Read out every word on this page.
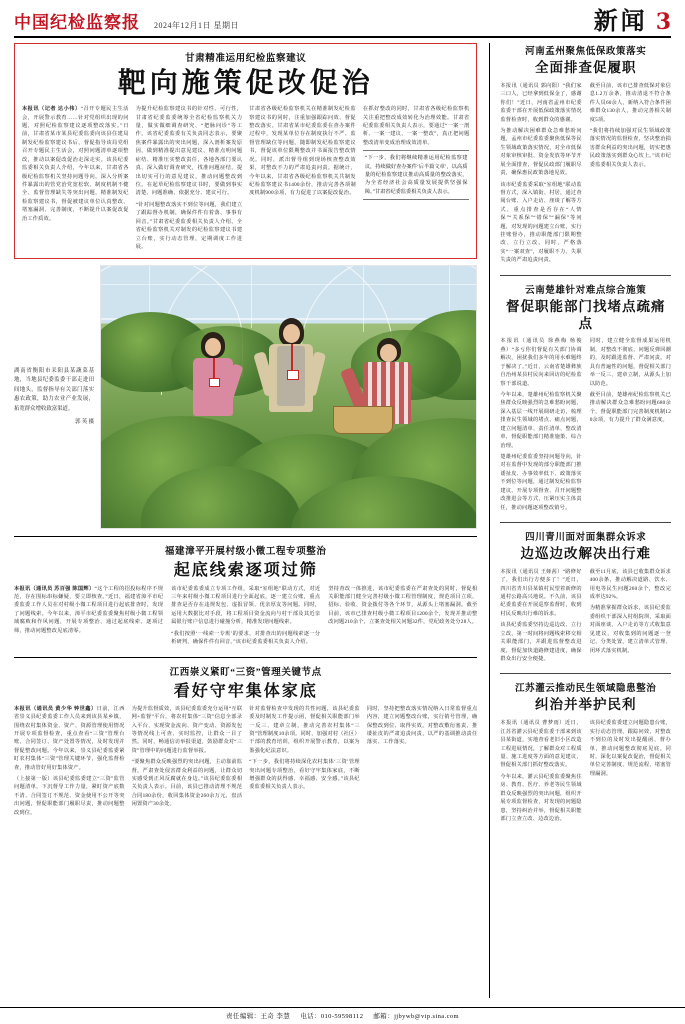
中国纪检监察报 2024年12月1日 星期日	新闻 3
甘肃精准运用纪检监察建议
靶向施策促改促治

本报讯（记者 达小伟）“召开专题民主生活会，开展警示教育……针对党组织出现的问题，对照纪检监察建议逐项整改落实。”日前，甘肃省某市某县纪委监委向该县住建局制发纪检监察建议书后，督促指导该局党组召开专题民主生活会，对照问题清单逐项整改，推动以案促改促治走深走实。该县纪委监委相关负责人介绍，今年以来，甘肃省各级纪检监察机关坚持问题导向，深入分析案件暴露出的管党治党宽松软、制度机制不健全、监督管理缺失等突出问题，精准制发纪检监察建议书，督促被建议单位认真整改、堵塞漏洞、完善制度，不断提升以案促改促治工作质效。

为提升纪检监察建议书的针对性、可行性，甘肃省纪委监委统筹全省纪检监察机关力量，做实做细调查研究、“把脉问诊”等工作。该省纪委监委有关负责同志表示，要聚焦案件暴露出的突出问题，深入剖析案发原因，做到精准提出意见建议、精准点明问题症结、精准压实整改责任，各地各部门要认真、深入做好调查研究，找准问题症结，提出切实可行的意见建议，推动问题整改到位。在起草纪检监察建议书时，要做到事实清楚、问题准确、依据充分、建议可行。

“针对问题整改落实不到位等问题，我们建立了跟踪督办机制，确保件件有着落、事事有回音。”甘肃省纪委监委相关负责人介绍，全省纪检监察机关对制发的纪检监察建议书建立台账，实行动态管理，定期调度工作进展。

甘肃省各级纪检监察机关在精准制发纪检监察建议书的同时，注重加强跟踪问效、督促整改落实。甘肃省某市纪委监委在查办案件过程中，发现某单位存在制度执行不严、监督管理缺位等问题，随即制发纪检监察建议书，督促该单位限期整改并书面报告整改情况。同时，派出督导组到现场核查整改效果，对整改不力的严肃追责问责。据统计，今年以来，甘肃省各级纪检监察机关共制发纪检监察建议书1400余份，推动完善各项制度机制900余项，有力促进了以案促改促治。

在抓好整改的同时，甘肃省各级纪检监察机关注重把整改成效转化为治理效能。甘肃省纪委监委相关负责人表示，要通过“一案一剖析、一案一建议、一案一整改”，真正把问题整改清单变成治理成效清单。

“下一步，我们将继续精准运用纪检监察建议，持续做好查办案件‘后半篇文章’，以高质量的纪检监察建议推动高质量的整改落实，为全省经济社会高质量发展提供坚强保障。”甘肃省纪委监委相关负责人表示。
湖南省衡阳市耒阳县某蔬菜基地，当地县纪委监委干部走进田间地头，监督指导有关部门落实惠农政策，助力农业产业发展，拓宽群众增收致富渠道。
郭 英 摄
福建漳平开展村级小微工程专项整治
起底线索逐项过筛

本报讯（通讯员 苏百强 陈国辉）“这个工程的招投标程序不规范，存在围标串标嫌疑，要立即核查。”近日，福建省漳平市纪委监委工作人员在对村级小微工程项目进行起底排查时，发现了问题线索。今年以来，漳平市纪委监委聚焦村级小微工程领域腐败和作风问题，开展专项整治，通过起底线索、逐项过筛，推动问题整改见底清零。

该市纪委监委成立专项工作组，采取“室组地”联动方式，对近三年来村级小微工程项目进行全面起底，逐一建立台账，重点排查是否存在违规发包、虚报冒领、优亲厚友等问题。同时，运用大数据比对手段，将工程项目资金流向与村干部及其近亲属银行账户信息进行碰撞分析，精准发现问题线索。

“我们按照‘一线索一专班’的要求，对排查出的问题线索逐一分析研判，确保件件有回音。”该市纪委监委相关负责人介绍。

坚持查改一体推进，该市纪委监委在严肃查处的同时，督促相关职能部门健全完善村级小微工程管理制度，规范项目立项、招标、验收、资金拨付等各个环节，从源头上堵塞漏洞。截至目前，该市已排查村级小微工程项目1200余个，发现并推动整改问题210余个，立案查处相关问题32件，党纪政务处分28人。

江西崇义紧盯“三资”管理关键节点
看好守牢集体家底

本报讯（通讯员 黄少华 钟世鑫）日前，江西省崇义县纪委监委工作人员来到该县某乡镇，围绕农村集体资金、资产、资源管理使用情况开展专项监督检查，重点查看“三资”管理台账、合同签订、资产处置等情况，及时发现并督促整改问题。今年以来，崇义县纪委监委紧盯农村集体“三资”管理关键环节，强化监督检查，推动管好用好集体资产。

（上接第一版）该县纪委监委建立“三资”监管问题清单，下沉督导工作力量，紧盯资产底数不清、合同签订不规范、资金使用不公开等突出问题，督促职能部门履职尽责，推动问题整改到位。

为提升监督质效，该县纪委监委充分运用“互联网+监督”平台，将农村集体“三资”信息全部录入平台，实现资金流向、资产变动、资源发包等情况线上可查、实时监控，让群众一目了然。同时，畅通信访举报渠道，鼓励群众对“三资”管理中的问题进行监督举报。

“要聚焦群众反映强烈的突出问题，主动靠前监督，严肃查处侵害群众利益的问题，让群众切实感受到正风反腐就在身边。”该县纪委监委相关负责人表示。目前，该县已推动清理不规范合同180余份，收回集体资金260余万元，盘活闲置资产30余处。

针对监督检查中发现的共性问题，该县纪委监委及时制发工作提示函，督促相关职能部门举一反三、建章立制，推动完善农村集体“三资”管理制度10余项。同时，加强对村（社区）干部的教育培训，组织开展警示教育，以案为鉴强化纪法意识。

“下一步，我们将持续深化农村集体‘三资’管理突出问题专项整治，看好守牢集体家底，不断增强群众的获得感、幸福感、安全感。”该县纪委监委相关负责人表示。

同时，坚持把整改落实情况纳入日常监督重点内容，建立问题整改台账，实行销号管理，确保整改到位、取得实效。对整改敷衍塞责、推诿扯皮的严肃追责问责，以严的基调推动责任落实、工作落实。

河南孟州聚焦低保政策落实
全面排查促履职

本报讯（通讯员 郭向阳）“我们家三口人，已经拿到低保金了，感谢你们！”近日，河南省孟州市纪委监委干部在开展低保政策落实情况监督检查时，收到群众的感谢。

为推动解决困难群众急难愁盼问题，孟州市纪委监委聚焦低保等民生领域政策落实情况，对全市低保对象审核审批、资金发放等环节开展全面排查，督促民政部门履职尽责，确保惠民政策落地见效。

该市纪委监委采取“室组地”联动监督方式，深入镇街、村居，通过查阅台账、入户走访、座谈了解等方式，重点排查是否存在“人情保”“关系保”“错保”“漏保”等问题，对发现的问题建立台账，实行挂账督办，推动职能部门限期整改、立行立改。同时，严格落实“一案双查”，对履职不力、失职失责的严肃追责问责。

截至目前，该市已排查低保对象信息1.2万余条，推动清退不符合条件人员60余人，新纳入符合条件困难群众130余人，推动完善相关制度5项。

“我们将持续加强对民生领域政策落实情况的监督检查，坚决整治损害群众利益的突出问题，切实把惠民政策落实到群众心坎上。”该市纪委监委相关负责人表示。

云南楚雄针对难点综合施策
督促职能部门找堵点疏痛点

本报讯（通讯员 徐燕梅 杨俊燕）“多亏你们督促有关部门协调解决，困扰我们多年的用水难题终于解决了。”近日，云南省楚雄彝族自治州某县村民向来回访的纪检监察干部说道。

今年以来，楚雄州纪检监察机关聚焦群众反映强烈的急难愁盼问题，深入基层一线开展调研走访，梳理排查民生领域的堵点、痛点问题，建立问题清单、责任清单、整改清单，督促职能部门精准施策、综合治理。

楚雄州纪委监委坚持问题导向，针对在监督中发现的部分职能部门推诿扯皮、办事效率低下、政策落实不到位等问题，通过制发纪检监察建议、开展专项督查、召开问题整改推进会等方式，压紧压实主体责任，推动问题逐项整改销号。

同时，建立健全监督成果运用机制，对整改不彻底、问题反弹回潮的，及时跟进监督、严肃问责。对具有普遍性的问题，督促相关部门举一反三、建章立制，从源头上加以防范。

截至目前，楚雄州纪检监察机关已推动解决群众急难愁盼问题680余个，督促职能部门完善制度机制120余项，有力提升了群众满意度。

四川青川面对面集群众诉求
边巡边改解决出行难

本报讯（通讯员 王娅茜）“路修好了，我们出行方便多了！”近日，四川省青川县某镇村民望着新修的通村公路高兴地说。不久前，该县纪委监委在开展巡察监督时，收到村民反映出行难的诉求。

该县纪委监委坚持边巡边改、立行立改，第一时间将问题线索移交相关职能部门，并跟进监督整改进度，督促加快道路修建进度，确保群众出行安全便捷。

截至11月底，该县已收集群众诉求400余条，推动解决道路、饮水、用电等民生问题260余个，整改完成率达92%。

为精准掌握群众诉求，该县纪委监委组织干部深入村组院坝，采取面对面座谈、入户走访等方式收集意见建议，对收集到的问题逐一登记、分类处置，建立清单式管理、闭环式落实机制。

江苏灌云推动民生领域隐患整治
纠治并举护民利

本报讯（通讯员 曹梦雨）近日，江苏省灌云县纪委监委干部来到该县某街道，实地查看老旧小区改造工程进展情况，了解群众对工程质量、施工进度等方面的意见建议，督促相关部门抓好整改落实。

今年以来，灌云县纪委监委聚焦住房、教育、医疗、养老等民生领域群众反映强烈的突出问题，组织开展专项监督检查，对发现的问题隐患，坚持纠治并举，督促相关职能部门立查立改、边改边治。

该县纪委监委建立问题隐患台账，实行动态管理、跟踪问效，对整改不到位的及时发出提醒函、督办单，推动问题整改彻底见底。同时，深化以案促改促治，督促相关单位完善制度、规范流程，堵塞管理漏洞。

责任编辑：王奇 李慧 电话：010-59598112 邮箱：jjbywb@vip.sina.com
